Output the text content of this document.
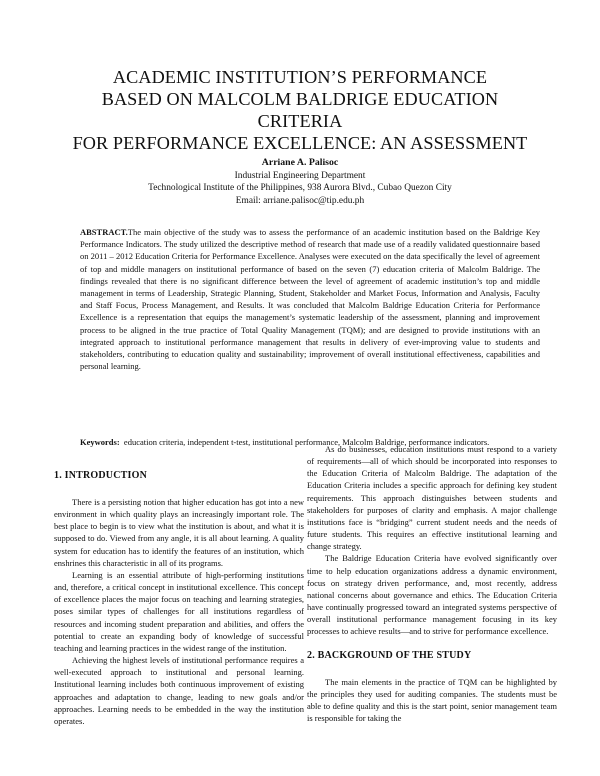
ACADEMIC INSTITUTION’S PERFORMANCE
BASED ON MALCOLM BALDRIGE EDUCATION
CRITERIA
FOR PERFORMANCE EXCELLENCE: AN ASSESSMENT
Arriane A. Palisoc
Industrial Engineering Department
Technological Institute of the Philippines, 938 Aurora Blvd., Cubao Quezon City
Email: arriane.palisoc@tip.edu.ph
ABSTRACT.The main objective of the study was to assess the performance of an academic institution based on the Baldrige Key Performance Indicators. The study utilized the descriptive method of research that made use of a readily validated questionnaire based on 2011 – 2012 Education Criteria for Performance Excellence. Analyses were executed on the data specifically the level of agreement of top and middle managers on institutional performance of based on the seven (7) education criteria of Malcolm Baldrige. The findings revealed that there is no significant difference between the level of agreement of academic institution’s top and middle management in terms of Leadership, Strategic Planning, Student, Stakeholder and Market Focus, Information and Analysis, Faculty and Staff Focus, Process Management, and Results. It was concluded that Malcolm Baldrige Education Criteria for Performance Excellence is a representation that equips the management’s systematic leadership of the assessment, planning and improvement process to be aligned in the true practice of Total Quality Management (TQM); and are designed to provide institutions with an integrated approach to institutional performance management that results in delivery of ever-improving value to students and stakeholders, contributing to education quality and sustainability; improvement of overall institutional effectiveness, capabilities and personal learning.
Keywords: education criteria, independent t-test, institutional performance, Malcolm Baldrige, performance indicators.
1. INTRODUCTION

There is a persisting notion that higher education has got into a new environment in which quality plays an increasingly important role. The best place to begin is to view what the institution is about, and what it is supposed to do. Viewed from any angle, it is all about learning. A quality system for education has to identify the features of an institution, which enshrines this characteristic in all of its programs.

Learning is an essential attribute of high-performing institutions and, therefore, a critical concept in institutional excellence. This concept of excellence places the major focus on teaching and learning strategies, poses similar types of challenges for all institutions regardless of resources and incoming student preparation and abilities, and offers the potential to create an expanding body of knowledge of successful teaching and learning practices in the widest range of the institution.

Achieving the highest levels of institutional performance requires a well-executed approach to institutional and personal learning. Institutional learning includes both continuous improvement of existing approaches and adaptation to change, leading to new goals and/or approaches. Learning needs to be embedded in the way the institution operates.

As do businesses, education institutions must respond to a variety of requirements—all of which should be incorporated into responses to the Education Criteria of Malcolm Baldrige. The adaptation of the Education Criteria includes a specific approach for defining key student requirements. This approach distinguishes between students and stakeholders for purposes of clarity and emphasis. A major challenge institutions face is “bridging” current student needs and the needs of future students. This requires an effective institutional learning and change strategy.

The Baldrige Education Criteria have evolved significantly over time to help education organizations address a dynamic environment, focus on strategy driven performance, and, most recently, address national concerns about governance and ethics. The Education Criteria have continually progressed toward an integrated systems perspective of overall institutional performance management focusing in its key processes to achieve results—and to strive for performance excellence.

2. BACKGROUND OF THE STUDY

The main elements in the practice of TQM can be highlighted by the principles they used for auditing companies. The students must be able to define quality and this is the start point, senior management team is responsible for taking the
